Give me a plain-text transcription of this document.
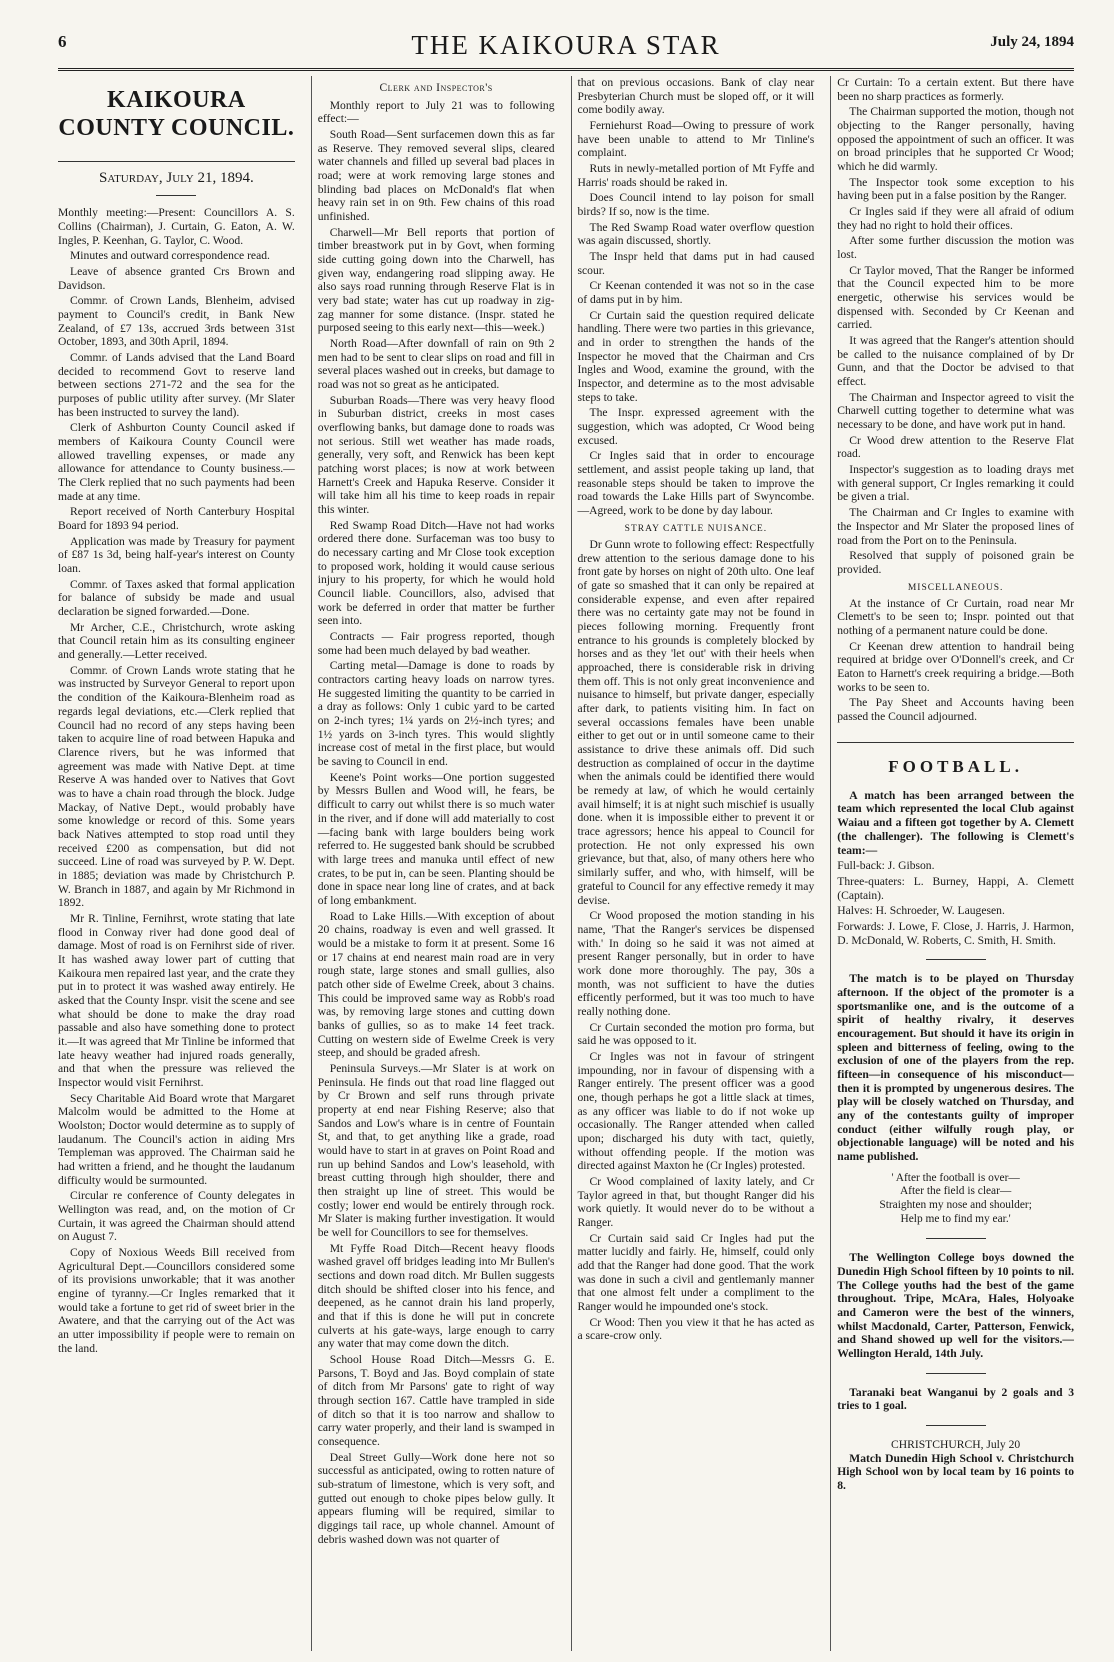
6	THE KAIKOURA STAR	July 24, 1894
KAIKOURA COUNTY COUNCIL.
Saturday, July 21, 1894.

Monthly meeting:—Present: Councillors A. S. Collins (Chairman), J. Curtain, G. Eaton, A. W. Ingles, P. Keenhan, G. Taylor, C. Wood.

Minutes and outward correspondence read.

Leave of absence granted Crs Brown and Davidson.

Commr. of Crown Lands, Blenheim, advised payment to Council's credit, in Bank New Zealand, of £7 13s, accrued 3rds between 31st October, 1893, and 30th April, 1894.

Commr. of Lands advised that the Land Board decided to recommend Govt to reserve land between sections 271-72 and the sea for the purposes of public utility after survey. (Mr Slater has been instructed to survey the land).

Clerk of Ashburton County Council asked if members of Kaikoura County Council were allowed travelling expenses, or made any allowance for attendance to County business.—The Clerk replied that no such payments had been made at any time.

Report received of North Canterbury Hospital Board for 1893 94 period.

Application was made by Treasury for payment of £87 1s 3d, being half-year's interest on County loan.

Commr. of Taxes asked that formal application for balance of subsidy be made and usual declaration be signed forwarded.—Done.

Mr Archer, C.E., Christchurch, wrote asking that Council retain him as its consulting engineer and generally.—Letter received.

Commr. of Crown Lands wrote stating that he was instructed by Surveyor General to report upon the condition of the Kaikoura-Blenheim road as regards legal deviations, etc.—Clerk replied that Council had no record of any steps having been taken to acquire line of road between Hapuka and Clarence rivers, but he was informed that agreement was made with Native Dept. at time Reserve A was handed over to Natives that Govt was to have a chain road through the block. Judge Mackay, of Native Dept., would probably have some knowledge or record of this. Some years back Natives attempted to stop road until they received £200 as compensation, but did not succeed. Line of road was surveyed by P. W. Dept. in 1885; deviation was made by Christchurch P. W. Branch in 1887, and again by Mr Richmond in 1892.

Mr R. Tinline, Fernihrst, wrote stating that late flood in Conway river had done good deal of damage. Most of road is on Fernihrst side of river. It has washed away lower part of cutting that Kaikoura men repaired last year, and the crate they put in to protect it was washed away entirely. He asked that the County Inspr. visit the scene and see what should be done to make the dray road passable and also have something done to protect it.—It was agreed that Mr Tinline be informed that late heavy weather had injured roads generally, and that when the pressure was relieved the Inspector would visit Fernihrst.

Secy Charitable Aid Board wrote that Margaret Malcolm would be admitted to the Home at Woolston; Doctor would determine as to supply of laudanum. The Council's action in aiding Mrs Templeman was approved. The Chairman said he had written a friend, and he thought the laudanum difficulty would be surmounted.

Circular re conference of County delegates in Wellington was read, and, on the motion of Cr Curtain, it was agreed the Chairman should attend on August 7.

Copy of Noxious Weeds Bill received from Agricultural Dept.—Councillors considered some of its provisions unworkable; that it was another engine of tyranny.—Cr Ingles remarked that it would take a fortune to get rid of sweet brier in the Awatere, and that the carrying out of the Act was an utter impossibility if people were to remain on the land.

Clerk and Inspector's

Monthly report to July 21 was to following effect:—

South Road—Sent surfacemen down this as far as Reserve. They removed several slips, cleared water channels and filled up several bad places in road; were at work removing large stones and blinding bad places on McDonald's flat when heavy rain set in on 9th. Few chains of this road unfinished.

Charwell—Mr Bell reports that portion of timber breastwork put in by Govt, when forming side cutting going down into the Charwell, has given way, endangering road slipping away. He also says road running through Reserve Flat is in very bad state; water has cut up roadway in zig-zag manner for some distance. (Inspr. stated he purposed seeing to this early next—this—week.)

North Road—After downfall of rain on 9th 2 men had to be sent to clear slips on road and fill in several places washed out in creeks, but damage to road was not so great as he anticipated.

Suburban Roads—There was very heavy flood in Suburban district, creeks in most cases overflowing banks, but damage done to roads was not serious. Still wet weather has made roads, generally, very soft, and Renwick has been kept patching worst places; is now at work between Harnett's Creek and Hapuka Reserve. Consider it will take him all his time to keep roads in repair this winter.

Red Swamp Road Ditch—Have not had works ordered there done. Surfaceman was too busy to do necessary carting and Mr Close took exception to proposed work, holding it would cause serious injury to his property, for which he would hold Council liable. Councillors, also, advised that work be deferred in order that matter be further seen into.

Contracts — Fair progress reported, though some had been much delayed by bad weather.

Carting metal—Damage is done to roads by contractors carting heavy loads on narrow tyres. He suggested limiting the quantity to be carried in a dray as follows: Only 1 cubic yard to be carted on 2-inch tyres; 1¼ yards on 2½-inch tyres; and 1½ yards on 3-inch tyres. This would slightly increase cost of metal in the first place, but would be saving to Council in end.

Keene's Point works—One portion suggested by Messrs Bullen and Wood will, he fears, be difficult to carry out whilst there is so much water in the river, and if done will add materially to cost—facing bank with large boulders being work referred to. He suggested bank should be scrubbed with large trees and manuka until effect of new crates, to be put in, can be seen. Planting should be done in space near long line of crates, and at back of long embankment.

Road to Lake Hills.—With exception of about 20 chains, roadway is even and well grassed. It would be a mistake to form it at present. Some 16 or 17 chains at end nearest main road are in very rough state, large stones and small gullies, also patch other side of Ewelme Creek, about 3 chains. This could be improved same way as Robb's road was, by removing large stones and cutting down banks of gullies, so as to make 14 feet track. Cutting on western side of Ewelme Creek is very steep, and should be graded afresh.

Peninsula Surveys.—Mr Slater is at work on Peninsula. He finds out that road line flagged out by Cr Brown and self runs through private property at end near Fishing Reserve; also that Sandos and Low's whare is in centre of Fountain St, and that, to get anything like a grade, road would have to start in at graves on Point Road and run up behind Sandos and Low's leasehold, with breast cutting through high shoulder, there and then straight up line of street. This would be costly; lower end would be entirely through rock. Mr Slater is making further investigation. It would be well for Councillors to see for themselves.

Mt Fyffe Road Ditch—Recent heavy floods washed gravel off bridges leading into Mr Bullen's sections and down road ditch. Mr Bullen suggests ditch should be shifted closer into his fence, and deepened, as he cannot drain his land properly, and that if this is done he will put in concrete culverts at his gate-ways, large enough to carry any water that may come down the ditch.

School House Road Ditch—Messrs G. E. Parsons, T. Boyd and Jas. Boyd complain of state of ditch from Mr Parsons' gate to right of way through section 167. Cattle have trampled in side of ditch so that it is too narrow and shallow to carry water properly, and their land is swamped in consequence.

Deal Street Gully—Work done here not so successful as anticipated, owing to rotten nature of sub-stratum of limestone, which is very soft, and gutted out enough to choke pipes below gully. It appears fluming will be required, similar to diggings tail race, up whole channel. Amount of debris washed down was not quarter of

that on previous occasions. Bank of clay near Presbyterian Church must be sloped off, or it will come bodily away.

Ferniehurst Road—Owing to pressure of work have been unable to attend to Mr Tinline's complaint.

Ruts in newly-metalled portion of Mt Fyffe and Harris' roads should be raked in.

Does Council intend to lay poison for small birds? If so, now is the time.

The Red Swamp Road water overflow question was again discussed, shortly.

The Inspr held that dams put in had caused scour.

Cr Keenan contended it was not so in the case of dams put in by him.

Cr Curtain said the question required delicate handling. There were two parties in this grievance, and in order to strengthen the hands of the Inspector he moved that the Chairman and Crs Ingles and Wood, examine the ground, with the Inspector, and determine as to the most advisable steps to take.

The Inspr. expressed agreement with the suggestion, which was adopted, Cr Wood being excused.

Cr Ingles said that in order to encourage settlement, and assist people taking up land, that reasonable steps should be taken to improve the road towards the Lake Hills part of Swyncombe.—Agreed, work to be done by day labour.

STRAY CATTLE NUISANCE.

Dr Gunn wrote to following effect: Respectfully drew attention to the serious damage done to his front gate by horses on night of 20th ulto. One leaf of gate so smashed that it can only be repaired at considerable expense, and even after repaired there was no certainty gate may not be found in pieces following morning. Frequently front entrance to his grounds is completely blocked by horses and as they 'let out' with their heels when approached, there is considerable risk in driving them off. This is not only great inconvenience and nuisance to himself, but private danger, especially after dark, to patients visiting him. In fact on several occassions females have been unable either to get out or in until someone came to their assistance to drive these animals off. Did such destruction as complained of occur in the daytime when the animals could be identified there would be remedy at law, of which he would certainly avail himself; it is at night such mischief is usually done. when it is impossible either to prevent it or trace agressors; hence his appeal to Council for protection. He not only expressed his own grievance, but that, also, of many others here who similarly suffer, and who, with himself, will be grateful to Council for any effective remedy it may devise.

Cr Wood proposed the motion standing in his name, 'That the Ranger's services be dispensed with.' In doing so he said it was not aimed at present Ranger personally, but in order to have work done more thoroughly. The pay, 30s a month, was not sufficient to have the duties efficently performed, but it was too much to have really nothing done.

Cr Curtain seconded the motion pro forma, but said he was opposed to it.

Cr Ingles was not in favour of stringent impounding, nor in favour of dispensing with a Ranger entirely. The present officer was a good one, though perhaps he got a little slack at times, as any officer was liable to do if not woke up occasionally. The Ranger attended when called upon; discharged his duty with tact, quietly, without offending people. If the motion was directed against Maxton he (Cr Ingles) protested.

Cr Wood complained of laxity lately, and Cr Taylor agreed in that, but thought Ranger did his work quietly. It would never do to be without a Ranger.

Cr Curtain said said Cr Ingles had put the matter lucidly and fairly. He, himself, could only add that the Ranger had done good. That the work was done in such a civil and gentlemanly manner that one almost felt under a compliment to the Ranger would he impounded one's stock.

Cr Wood: Then you view it that he has acted as a scare-crow only.

Cr Curtain: To a certain extent. But there have been no sharp practices as formerly.

The Chairman supported the motion, though not objecting to the Ranger personally, having opposed the appointment of such an officer. It was on broad principles that he supported Cr Wood; which he did warmly.

The Inspector took some exception to his having been put in a false position by the Ranger.

Cr Ingles said if they were all afraid of odium they had no right to hold their offices.

After some further discussion the motion was lost.

Cr Taylor moved, That the Ranger be informed that the Council expected him to be more energetic, otherwise his services would be dispensed with. Seconded by Cr Keenan and carried.

It was agreed that the Ranger's attention should be called to the nuisance complained of by Dr Gunn, and that the Doctor be advised to that effect.

The Chairman and Inspector agreed to visit the Charwell cutting together to determine what was necessary to be done, and have work put in hand.

Cr Wood drew attention to the Reserve Flat road.

Inspector's suggestion as to loading drays met with general support, Cr Ingles remarking it could be given a trial.

The Chairman and Cr Ingles to examine with the Inspector and Mr Slater the proposed lines of road from the Port on to the Peninsula.

Resolved that supply of poisoned grain be provided.

MISCELLANEOUS.

At the instance of Cr Curtain, road near Mr Clemett's to be seen to; Inspr. pointed out that nothing of a permanent nature could be done.

Cr Keenan drew attention to handrail being required at bridge over O'Donnell's creek, and Cr Eaton to Harnett's creek requiring a bridge.—Both works to be seen to.

The Pay Sheet and Accounts having been passed the Council adjourned.

FOOTBALL.

A match has been arranged between the team which represented the local Club against Waiau and a fifteen got together by A. Clemett (the challenger). The following is Clemett's team:—

Full-back: J. Gibson.

Three-quaters: L. Burney, Happi, A. Clemett (Captain).

Halves: H. Schroeder, W. Laugesen.

Forwards: J. Lowe, F. Close, J. Harris, J. Harmon, D. McDonald, W. Roberts, C. Smith, H. Smith.

The match is to be played on Thursday afternoon. If the object of the promoter is a sportsmanlike one, and is the outcome of a spirit of healthy rivalry, it deserves encouragement. But should it have its origin in spleen and bitterness of feeling, owing to the exclusion of one of the players from the rep. fifteen—in consequence of his misconduct—then it is prompted by ungenerous desires. The play will be closely watched on Thursday, and any of the contestants guilty of improper conduct (either wilfully rough play, or objectionable language) will be noted and his name published.

' After the football is over—
After the field is clear—
Straighten my nose and shoulder;
Help me to find my ear.'

The Wellington College boys downed the Dunedin High School fifteen by 10 points to nil. The College youths had the best of the game throughout. Tripe, McAra, Hales, Holyoake and Cameron were the best of the winners, whilst Macdonald, Carter, Patterson, Fenwick, and Shand showed up well for the visitors.—Wellington Herald, 14th July.

Taranaki beat Wanganui by 2 goals and 3 tries to 1 goal.

CHRISTCHURCH, July 20

Match Dunedin High School v. Christchurch High School won by local team by 16 points to 8.
